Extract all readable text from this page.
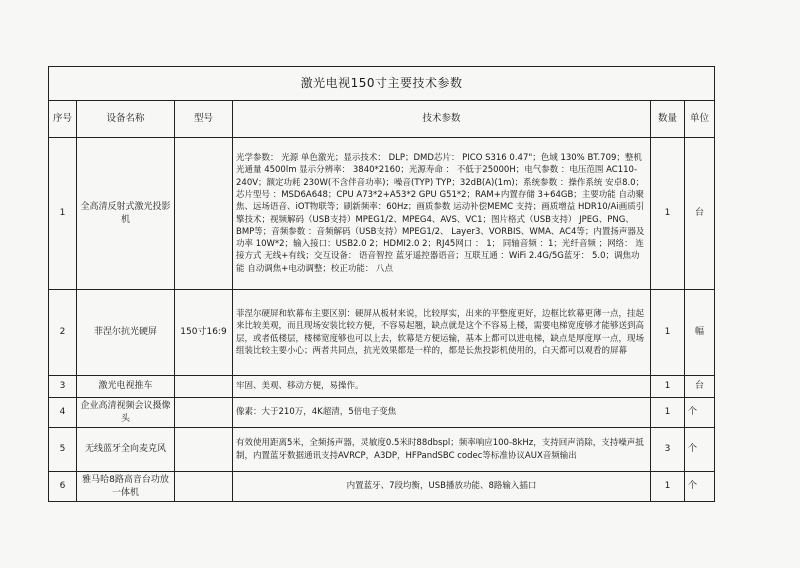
激光电视150寸主要技术参数					
序号	设备名称	型号	技术参数	数量	单位
1	全高清反射式激光投影机		光学参数： 光源 单色激光；显示技术： DLP；DMD芯片： PICO S316 0.47"；色域 130% BT.709；整机光通量 4500lm 显示分辨率： 3840*2160；光源寿命 ： 不低于25000H；电气参数 ：电压范围 AC110-240V；额定功耗 230W(不含伴音功率)；噪音(TYP) TYP；32dB(A)(1m)；系统参数 ：操作系统 安卓8.0；芯片型号 ：MSD6A648；CPU A73*2+A53*2 GPU G51*2；RAM+内置存储 3+64GB；主要功能 自动聚焦、远场语音、iOT物联等；刷新频率：60Hz；画质参数 运动补偿MEMC 支持；画质增益 HDR10/Ai画质引擎技术；视频解码（USB支持）MPEG1/2、MPEG4、AVS、VC1；图片格式（USB支持） JPEG、PNG、BMP等；音频参数 ：音频解码（USB支持）MPEG1/2、 Layer3、VORBIS、WMA、AC4等；内置扬声器及功率 10W*2；输入接口：USB2.0 2；HDMI2.0 2；RJ45网口 ： 1； 同轴音频 ：1；光纤音频 ；网络： 连接方式 无线+有线；交互设备： 语音智控 蓝牙遥控器语音；互联互通 ：WiFi 2.4G/5G蓝牙： 5.0；调焦功能 自动调焦+电动调整；校正功能： 八点	1	台
2	菲涅尔抗光硬屏	150寸16:9	菲涅尔硬屏和软幕布主要区别：硬屏从板材来说，比较厚实，出来的平整度更好，边框比软幕更薄一点，挂起来比较美观，而且现场安装比较方便，不容易起翘，缺点就是这个不容易上楼，需要电梯宽度够才能够送到高层，或者低楼层，楼梯宽度够也可以上去，软幕是方便运输，基本上都可以进电梯，缺点是厚度厚一点，现场组装比较主要小心；两者共同点，抗光效果都是一样的，都是长焦投影机使用的，白天都可以观看的屏幕	1	幅
3	激光电视推车		牢固、美观、移动方便，易操作。	1	台
4	企业高清视频会议摄像头		像素：大于210万，4K超清，5倍电子变焦	1	个
5	无线蓝牙全向麦克风		有效使用距离5米，全频扬声器，灵敏度0.5米时88dbspl；频率响应100-8kHz，支持回声消除，支持噪声抵制，内置蓝牙数据通讯支持AVRCP，A3DP，HFPandSBC codec等标准协议AUX音频输出	3	个
6	雅马哈8路高音台功放一体机		内置蓝牙、7段均衡，USB播放功能、8路输入插口	1	个
